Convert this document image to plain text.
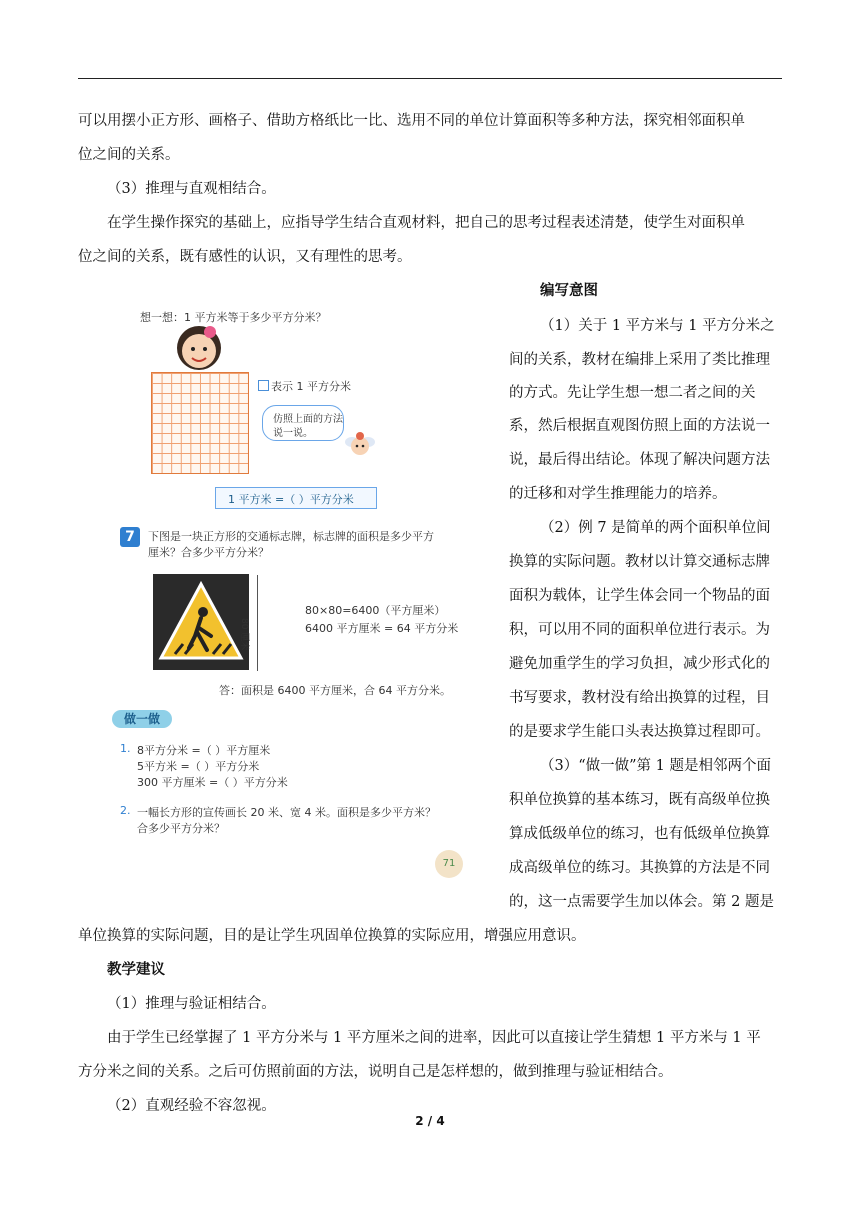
可以用摆小正方形、画格子、借助方格纸比一比、选用不同的单位计算面积等多种方法，探究相邻面积单
位之间的关系。
（3）推理与直观相结合。
在学生操作探究的基础上，应指导学生结合直观材料，把自己的思考过程表述清楚，使学生对面积单
位之间的关系，既有感性的认识，又有理性的思考。
编写意图
（1）关于 1 平方米与 1 平方分米之
间的关系，教材在编排上采用了类比推理
的方式。先让学生想一想二者之间的关
系，然后根据直观图仿照上面的方法说一
说，最后得出结论。体现了解决问题方法
的迁移和对学生推理能力的培养。
（2）例 7 是简单的两个面积单位间
换算的实际问题。教材以计算交通标志牌
面积为载体，让学生体会同一个物品的面
积，可以用不同的面积单位进行表示。为
避免加重学生的学习负担，减少形式化的
书写要求，教材没有给出换算的过程，目
的是要求学生能口头表达换算过程即可。
（3）“做一做”第 1 题是相邻两个面
积单位换算的基本练习，既有高级单位换
算成低级单位的练习，也有低级单位换算
成高级单位的练习。其换算的方法是不同
的，这一点需要学生加以体会。第 2 题是
单位换算的实际问题，目的是让学生巩固单位换算的实际应用，增强应用意识。
教学建议
（1）推理与验证相结合。
由于学生已经掌握了 1 平方分米与 1 平方厘米之间的进率，因此可以直接让学生猜想 1 平方米与 1 平
方分米之间的关系。之后可仿照前面的方法，说明自己是怎样想的，做到推理与验证相结合。
（2）直观经验不容忽视。
想一想：1 平方米等于多少平方分米？
表示 1 平方分米
仿照上面的方法
说一说。
1 平方米 =（ ）平方分米
7	下图是一块正方形的交通标志牌，标志牌的面积是多少平方
厘米？合多少平方分米？
80 厘米
80×80=6400（平方厘米）
6400 平方厘米 = 64 平方分米
答：面积是 6400 平方厘米，合 64 平方分米。
做一做
1. 8平方分米 =（ ）平方厘米
5平方米 =（ ）平方分米
300 平方厘米 =（ ）平方分米
2. 一幅长方形的宣传画长 20 米、宽 4 米。面积是多少平方米？
合多少平方分米？
71
2 / 4
